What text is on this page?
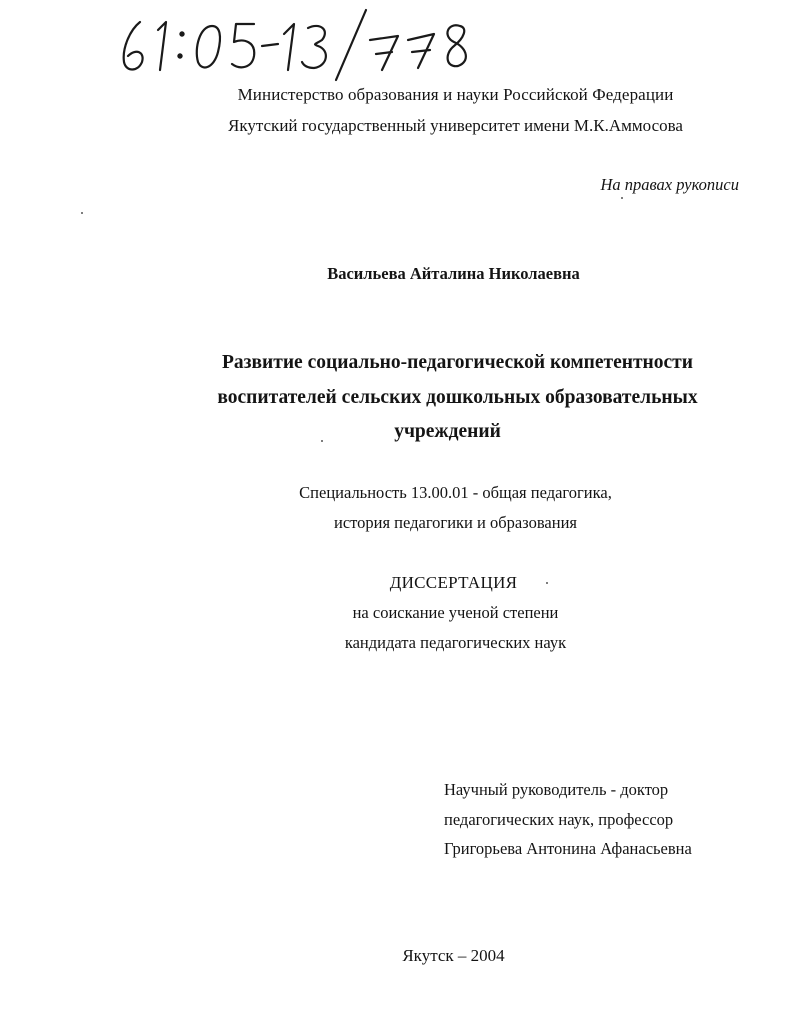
Министерство образования и науки Российской Федерации
Якутский государственный университет имени М.К.Аммосова
На правах рукописи
Васильева Айталина Николаевна
Развитие социально-педагогической компетентности
воспитателей сельских дошкольных образовательных
учреждений
Специальность 13.00.01 - общая педагогика,
история педагогики и образования
ДИССЕРТАЦИЯ
на соискание ученой степени
кандидата педагогических наук
Научный руководитель - доктор
педагогических наук, профессор
Григорьева Антонина Афанасьевна
Якутск – 2004
